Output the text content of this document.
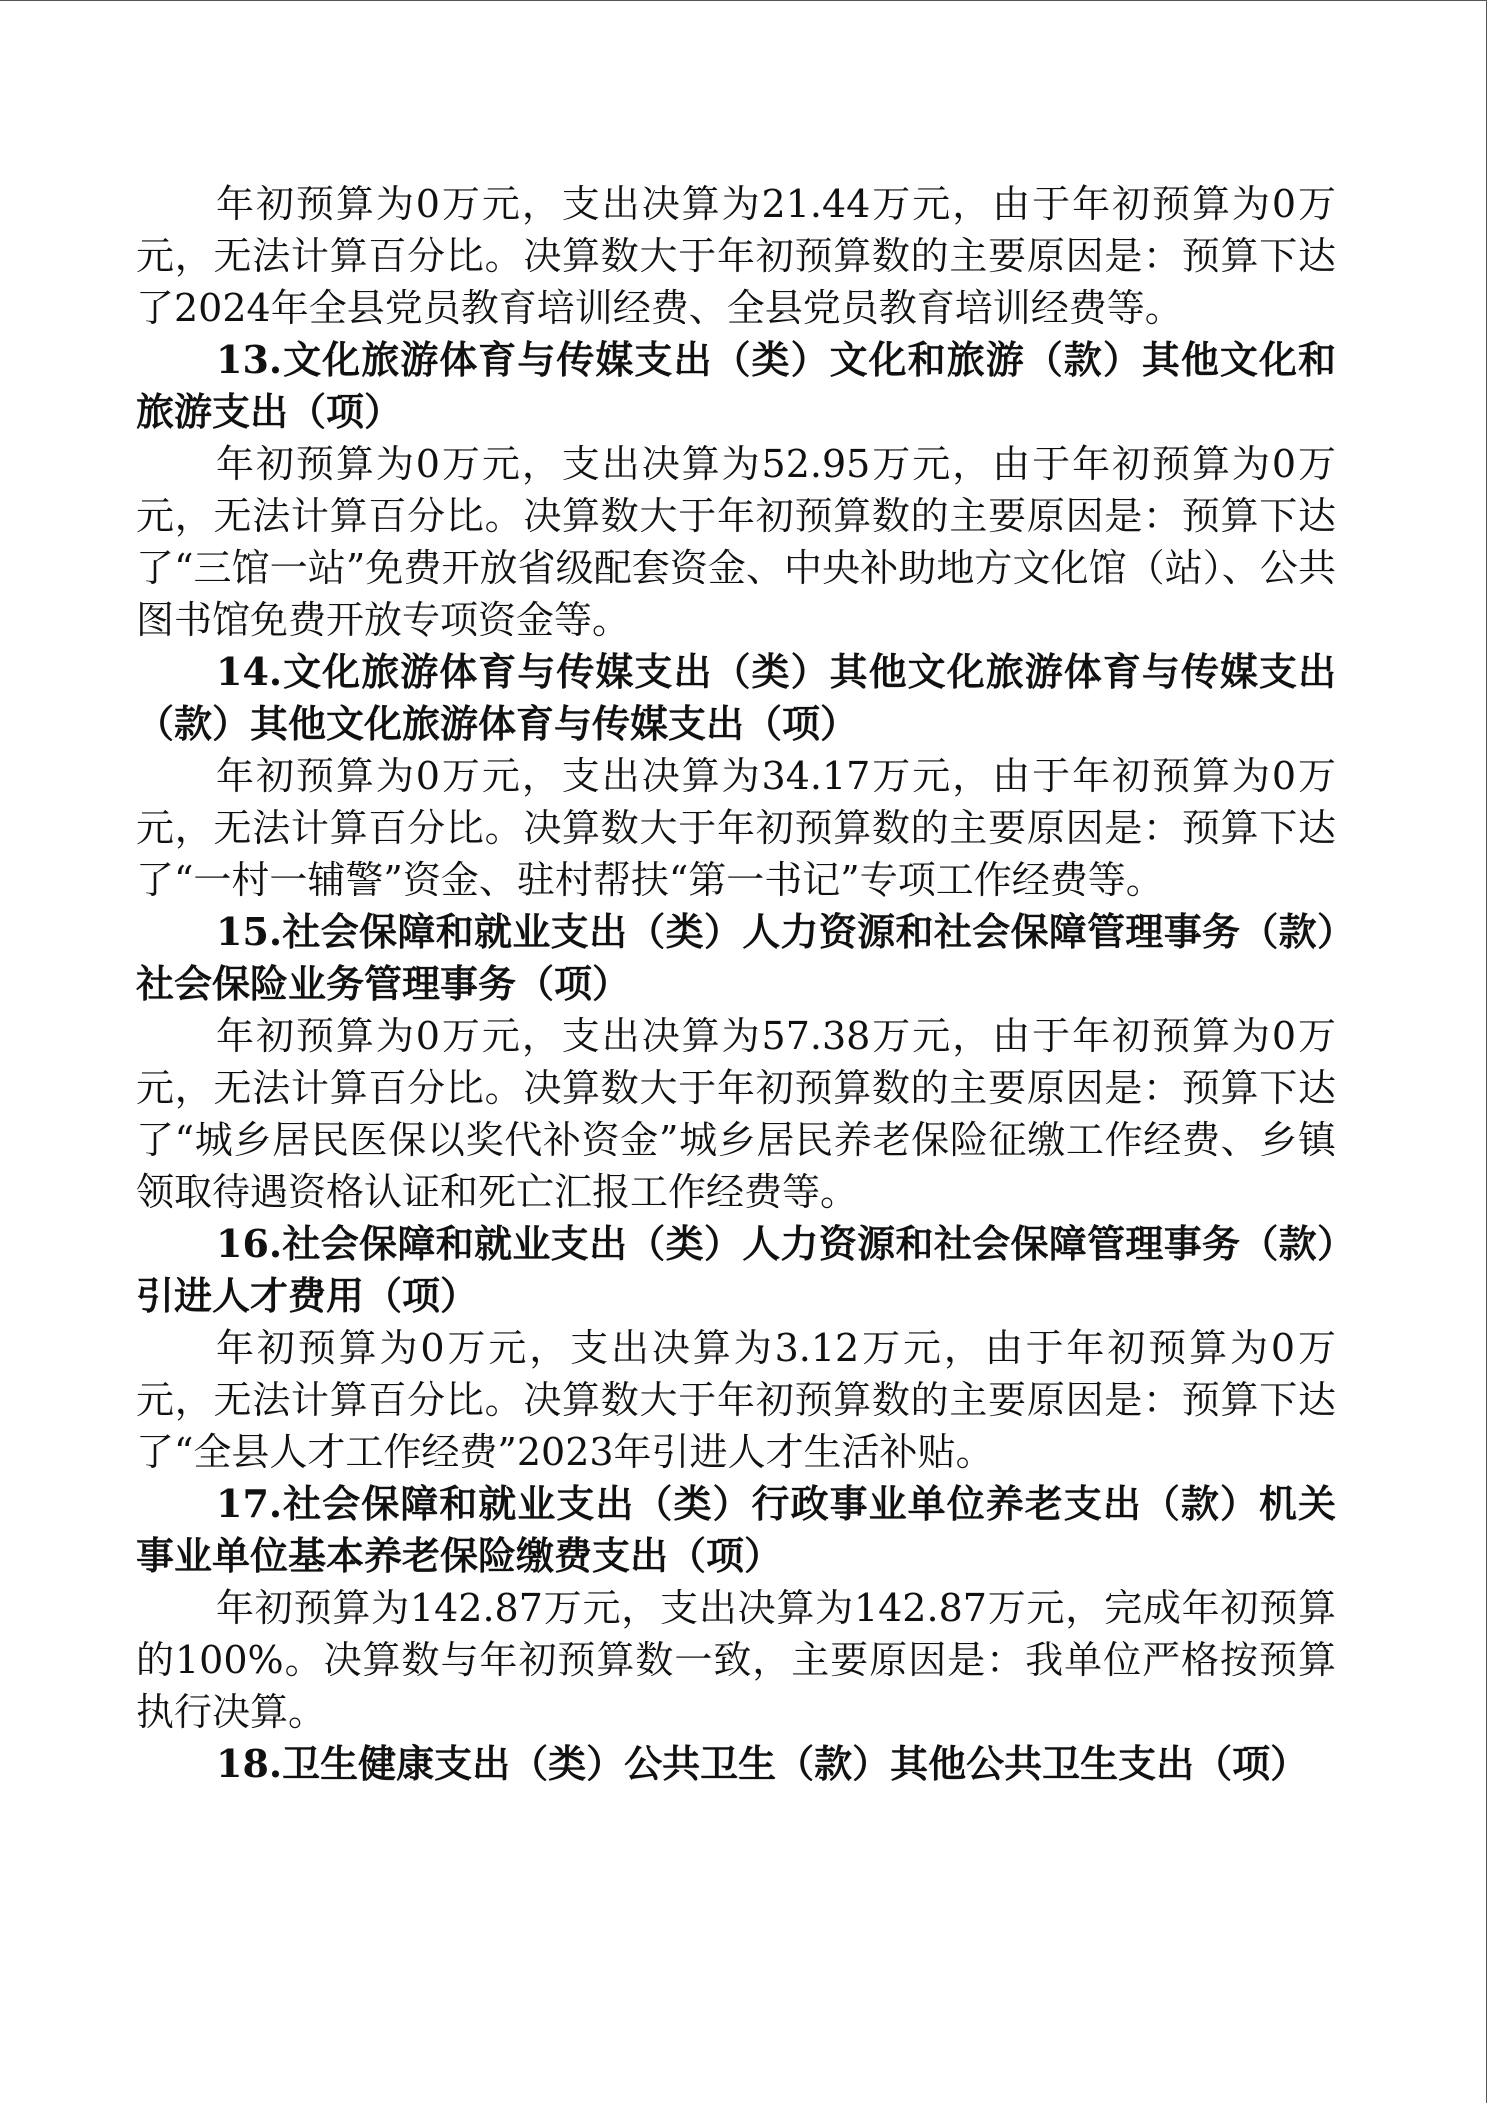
年初预算为0万元，支出决算为21.44万元，由于年初预算为0万元，无法计算百分比。决算数大于年初预算数的主要原因是：预算下达了2024年全县党员教育培训经费、全县党员教育培训经费等。

13.文化旅游体育与传媒支出（类）文化和旅游（款）其他文化和旅游支出（项）

年初预算为0万元，支出决算为52.95万元，由于年初预算为0万元，无法计算百分比。决算数大于年初预算数的主要原因是：预算下达了“三馆一站”免费开放省级配套资金、中央补助地方文化馆（站）、公共图书馆免费开放专项资金等。

14.文化旅游体育与传媒支出（类）其他文化旅游体育与传媒支出（款）其他文化旅游体育与传媒支出（项）

年初预算为0万元，支出决算为34.17万元，由于年初预算为0万元，无法计算百分比。决算数大于年初预算数的主要原因是：预算下达了“一村一辅警”资金、驻村帮扶“第一书记”专项工作经费等。

15.社会保障和就业支出（类）人力资源和社会保障管理事务（款）社会保险业务管理事务（项）

年初预算为0万元，支出决算为57.38万元，由于年初预算为0万元，无法计算百分比。决算数大于年初预算数的主要原因是：预算下达了“城乡居民医保以奖代补资金”城乡居民养老保险征缴工作经费、乡镇领取待遇资格认证和死亡汇报工作经费等。

16.社会保障和就业支出（类）人力资源和社会保障管理事务（款）引进人才费用（项）

年初预算为0万元，支出决算为3.12万元，由于年初预算为0万元，无法计算百分比。决算数大于年初预算数的主要原因是：预算下达了“全县人才工作经费”2023年引进人才生活补贴。

17.社会保障和就业支出（类）行政事业单位养老支出（款）机关事业单位基本养老保险缴费支出（项）

年初预算为142.87万元，支出决算为142.87万元，完成年初预算的100%。决算数与年初预算数一致，主要原因是：我单位严格按预算执行决算。

18.卫生健康支出（类）公共卫生（款）其他公共卫生支出（项）
